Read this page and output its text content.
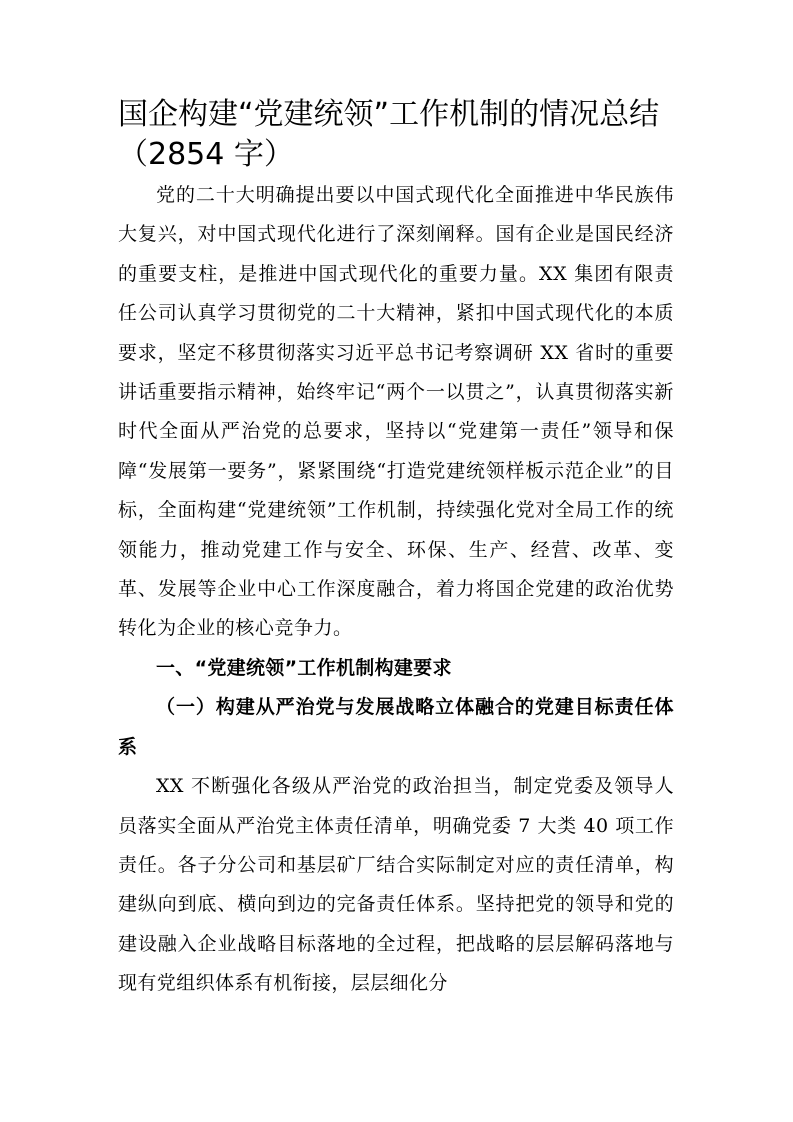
国企构建“党建统领”工作机制的情况总结
（2854 字）

党的二十大明确提出要以中国式现代化全面推进中华民族伟大复兴，对中国式现代化进行了深刻阐释。国有企业是国民经济的重要支柱，是推进中国式现代化的重要力量。XX 集团有限责任公司认真学习贯彻党的二十大精神，紧扣中国式现代化的本质要求，坚定不移贯彻落实习近平总书记考察调研 XX 省时的重要讲话重要指示精神，始终牢记“两个一以贯之”，认真贯彻落实新时代全面从严治党的总要求，坚持以“党建第一责任”领导和保障“发展第一要务”，紧紧围绕“打造党建统领样板示范企业”的目标，全面构建“党建统领”工作机制，持续强化党对全局工作的统领能力，推动党建工作与安全、环保、生产、经营、改革、变革、发展等企业中心工作深度融合，着力将国企党建的政治优势转化为企业的核心竞争力。

一、“党建统领”工作机制构建要求

（一）构建从严治党与发展战略立体融合的党建目标责任体系

XX 不断强化各级从严治党的政治担当，制定党委及领导人员落实全面从严治党主体责任清单，明确党委 7 大类 40 项工作责任。各子分公司和基层矿厂结合实际制定对应的责任清单，构建纵向到底、横向到边的完备责任体系。坚持把党的领导和党的建设融入企业战略目标落地的全过程，把战略的层层解码落地与现有党组织体系有机衔接，层层细化分
